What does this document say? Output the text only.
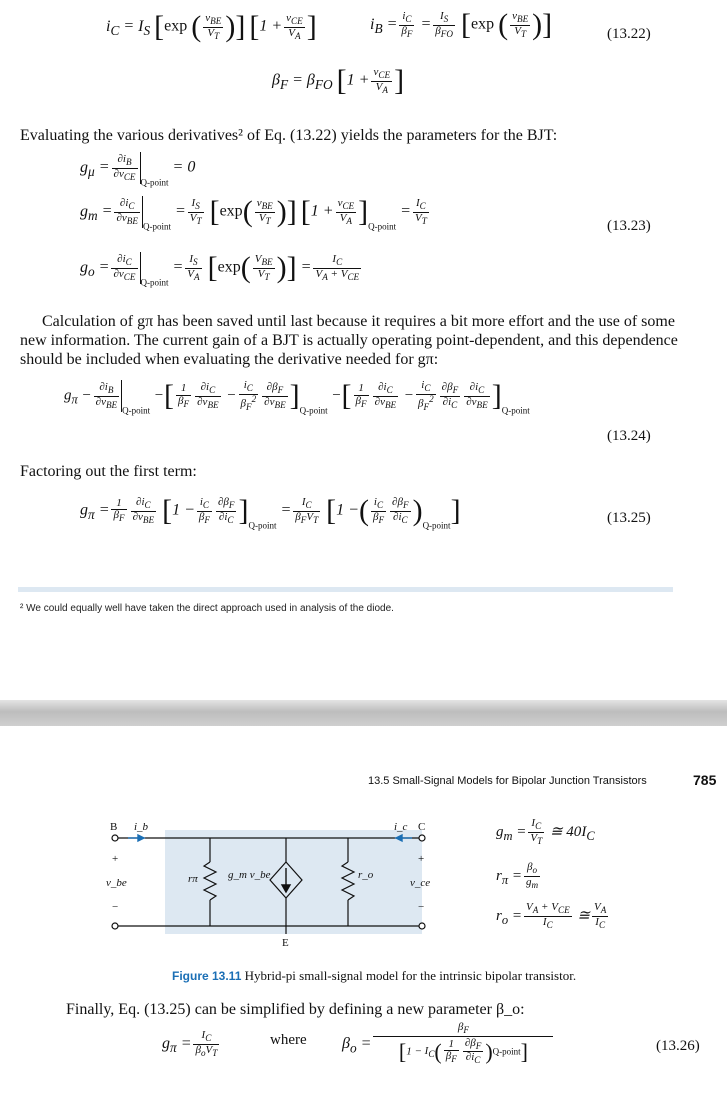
$i_C = I_S$ [exp ( $\frac{v_{BE}}{V_T}$ )] [$1 + \frac{v_{CE}}{V_A}$ ]	$i_B = \frac{i_C}{\beta_F} = \frac{I_S}{\beta_{FO}} [\exp$ ( $\frac{v_{BE}}{V_T}$ )]	(13.22)
$\beta_F = \beta_{FO}$ [$1 + \frac{v_{CE}}{V_A}$ ]
Evaluating the various derivatives² of Eq. (13.22) yields the parameters for the BJT:
$g_\mu = \frac{\partial i_B}{\partial v_{CE}}$
$_{Q-point}$ = 0
$g_m = \frac{\partial i_C}{\partial v_{BE}}$
$_{Q-point} = \frac{I_S}{V_T} [\exp( \frac{v_{BE}}{V_T}$ )] $[1 + \frac{v_{CE}}{V_A} ]_{Q-point} = \frac{I_C}{V_T}$	(13.23)
$g_o = \frac{\partial i_C}{\partial v_{CE}}$
$_{Q-point} = \frac{I_S}{V_A} [\exp( \frac{V_{BE}}{V_T}$ )] = $\frac{I_C}{V_A + V_{CE}}$
Calculation of gπ has been saved until last because it requires a bit more effort and the use of some new information. The current gain of a BJT is actually operating point-dependent, and this dependence should be included when evaluating the derivative needed for gπ:
$g_\pi - \frac{\partial i_B}{\partial v_{BE}}$
$_{Q-point}$ −[ $\frac{1}{\beta_F} \frac{\partial i_C}{\partial v_{BE}} - \frac{i_C}{\beta_F^2} \frac{\partial\beta_F}{\partial v_{BE}} ]_{Q-point}$ −[ $\frac{1}{\beta_F} \frac{\partial i_C}{\partial v_{BE}} - \frac{i_C}{\beta_F^2} \frac{\partial\beta_F}{\partial i_C} \frac{\partial i_C}{\partial v_{BE}} ]_{Q-point}$
(13.24)
Factoring out the first term:
$g_\pi = \frac{1}{\beta_F} \frac{\partial i_C}{\partial v_{BE}} [1 - \frac{i_C}{\beta_F} \frac{\partial\beta_F}{\partial i_C} ]_{Q-point} = \frac{I_C}{\beta_FV_T} [1$ −( $\frac{i_C}{\beta_F} \frac{\partial\beta_F}{\partial i_C} )_{Q-point}$]	(13.25)
² We could equally well have taken the direct approach used in analysis of the diode.
13.5 Small-Signal Models for Bipolar Junction Transistors	785
B i_b	C
i_c
E
+
v_be
−
+
v_ce
−
rπ	g_m v_be	r_o
$g_m = \frac{I_C}{V_T}$ ≅ $40I_C$
$r_\pi = \frac{\beta_o}{g_m}$
$r_o = \frac{V_A + V_{CE}}{I_C}$ ≅ $\frac{V_A}{I_C}$
Figure 13.11 Hybrid-pi small-signal model for the intrinsic bipolar transistor.
Finally, Eq. (13.25) can be simplified by defining a new parameter β_o:
$g_\pi = \frac{I_C}{\beta_oV_T}$	where $\beta_o = \frac{\beta_F}{[1 - I_C( \frac{1}{\beta_F} \frac{\partial\beta_F}{\partial i_C} )Q-point]}$	(13.26)
